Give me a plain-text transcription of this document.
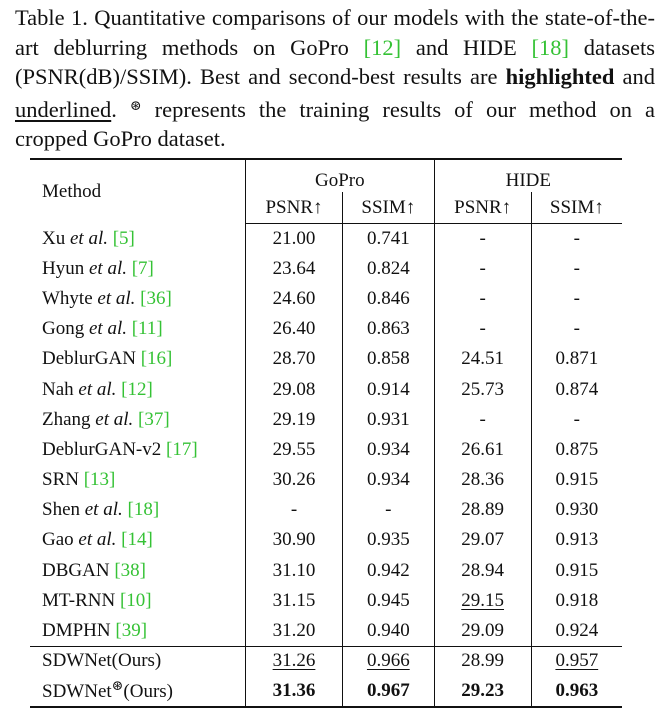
Table 1. Quantitative comparisons of our models with the state-of-the-art deblurring methods on GoPro [12] and HIDE [18] datasets (PSNR(dB)/SSIM). Best and second-best results are highlighted and underlined. ⊛ represents the training results of our method on a cropped GoPro dataset.
Method	GoPro		HIDE	
	PSNR↑	SSIM↑	PSNR↑	SSIM↑
Xu et al. [5]	21.00	0.741	-	-
Hyun et al. [7]	23.64	0.824	-	-
Whyte et al. [36]	24.60	0.846	-	-
Gong et al. [11]	26.40	0.863	-	-
DeblurGAN [16]	28.70	0.858	24.51	0.871
Nah et al. [12]	29.08	0.914	25.73	0.874
Zhang et al. [37]	29.19	0.931	-	-
DeblurGAN-v2 [17]	29.55	0.934	26.61	0.875
SRN [13]	30.26	0.934	28.36	0.915
Shen et al. [18]	-	-	28.89	0.930
Gao et al. [14]	30.90	0.935	29.07	0.913
DBGAN [38]	31.10	0.942	28.94	0.915
MT-RNN [10]	31.15	0.945	29.15	0.918
DMPHN [39]	31.20	0.940	29.09	0.924
SDWNet(Ours)	31.26	0.966	28.99	0.957
SDWNet⊛(Ours)	31.36	0.967	29.23	0.963
